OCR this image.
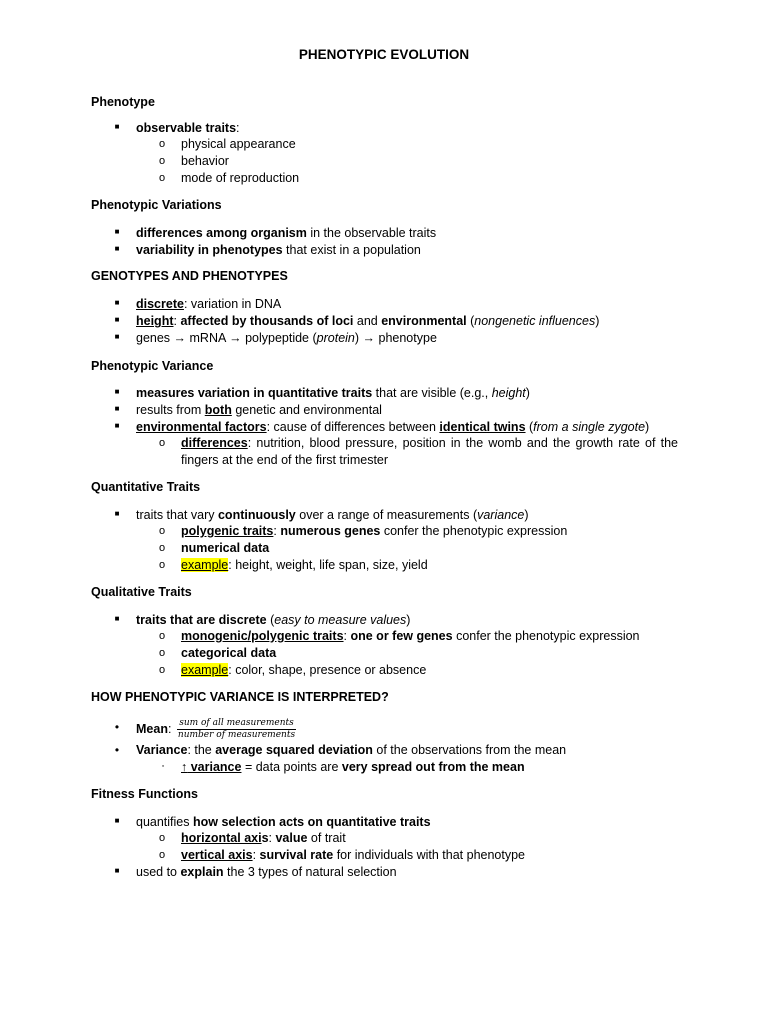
PHENOTYPIC EVOLUTION
Phenotype
■ observable traits:
o physical appearance
o behavior
o mode of reproduction
Phenotypic Variations
■ differences among organism in the observable traits
■ variability in phenotypes that exist in a population
GENOTYPES AND PHENOTYPES
■ discrete: variation in DNA
■ height: affected by thousands of loci and environmental (nongenetic influences)
■ genes → mRNA → polypeptide (protein) → phenotype
Phenotypic Variance
■ measures variation in quantitative traits that are visible (e.g., height)
■ results from both genetic and environmental
■ environmental factors: cause of differences between identical twins (from a single zygote)
o differences: nutrition, blood pressure, position in the womb and the growth rate of the fingers at the end of the first trimester
Quantitative Traits
■ traits that vary continuously over a range of measurements (variance)
o polygenic traits: numerous genes confer the phenotypic expression
o numerical data
o example: height, weight, life span, size, yield
Qualitative Traits
■ traits that are discrete (easy to measure values)
o monogenic/polygenic traits: one or few genes confer the phenotypic expression
o categorical data
o example: color, shape, presence or absence
HOW PHENOTYPIC VARIANCE IS INTERPRETED?
• Mean: $\frac{\text{sum of all measurements}}{\text{number of measurements}}$
• Variance: the average squared deviation of the observations from the mean
▫ ↑ variance = data points are very spread out from the mean
Fitness Functions
■ quantifies how selection acts on quantitative traits
o horizontal axis: value of trait
o vertical axis: survival rate for individuals with that phenotype
■ used to explain the 3 types of natural selection
